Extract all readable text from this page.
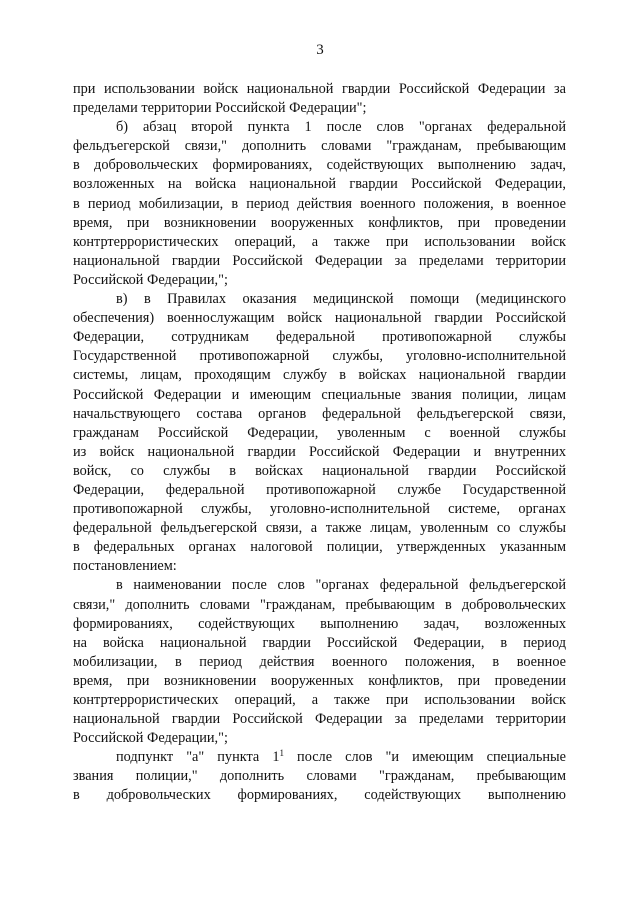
3
при использовании войск национальной гвардии Российской Федерации за
пределами территории Российской Федерации";
б) абзац второй пункта 1 после слов "органах федеральной
фельдъегерской связи," дополнить словами "гражданам, пребывающим
в добровольческих формированиях, содействующих выполнению задач,
возложенных на войска национальной гвардии Российской Федерации,
в период мобилизации, в период действия военного положения, в военное
время, при возникновении вооруженных конфликтов, при проведении
контртеррористических операций, а также при использовании войск
национальной гвардии Российской Федерации за пределами территории
Российской Федерации,";
в) в Правилах оказания медицинской помощи (медицинского
обеспечения) военнослужащим войск национальной гвардии Российской
Федерации, сотрудникам федеральной противопожарной службы
Государственной противопожарной службы, уголовно-исполнительной
системы, лицам, проходящим службу в войсках национальной гвардии
Российской Федерации и имеющим специальные звания полиции, лицам
начальствующего состава органов федеральной фельдъегерской связи,
гражданам Российской Федерации, уволенным с военной службы
из войск национальной гвардии Российской Федерации и внутренних
войск, со службы в войсках национальной гвардии Российской
Федерации, федеральной противопожарной службе Государственной
противопожарной службы, уголовно-исполнительной системе, органах
федеральной фельдъегерской связи, а также лицам, уволенным со службы
в федеральных органах налоговой полиции, утвержденных указанным
постановлением:
в наименовании после слов "органах федеральной фельдъегерской
связи," дополнить словами "гражданам, пребывающим в добровольческих
формированиях, содействующих выполнению задач, возложенных
на войска национальной гвардии Российской Федерации, в период
мобилизации, в период действия военного положения, в военное
время, при возникновении вооруженных конфликтов, при проведении
контртеррористических операций, а также при использовании войск
национальной гвардии Российской Федерации за пределами территории
Российской Федерации,";
подпункт "а" пункта $1^1$ после слов "и имеющим специальные
звания полиции," дополнить словами "гражданам, пребывающим
в добровольческих формированиях, содействующих выполнению
